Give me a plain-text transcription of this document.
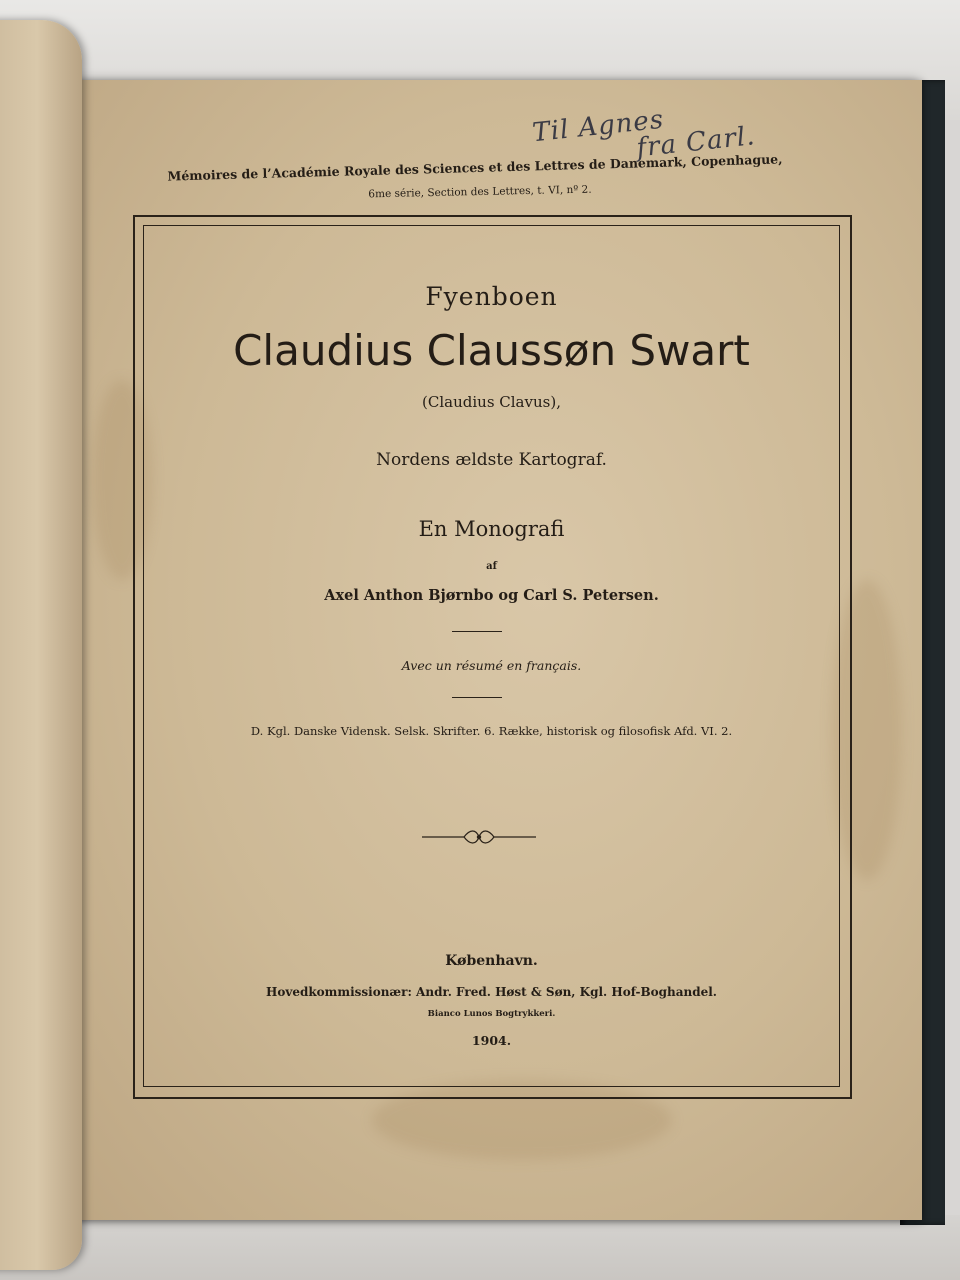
Til Agnes
fra Carl.
Mémoires de l’Académie Royale des Sciences et des Lettres de Danemark, Copenhague,
6me série, Section des Lettres, t. VI, nº 2.
Fyenboen
Claudius Claussøn Swart
(Claudius Clavus),
Nordens ældste Kartograf.
En Monografi
af
Axel Anthon Bjørnbo og Carl S. Petersen.
Avec un résumé en français.
D. Kgl. Danske Vidensk. Selsk. Skrifter. 6. Række, historisk og filosofisk Afd. VI. 2.
København.
Hovedkommissionær: Andr. Fred. Høst & Søn, Kgl. Hof-Boghandel.
Bianco Lunos Bogtrykkeri.
1904.
